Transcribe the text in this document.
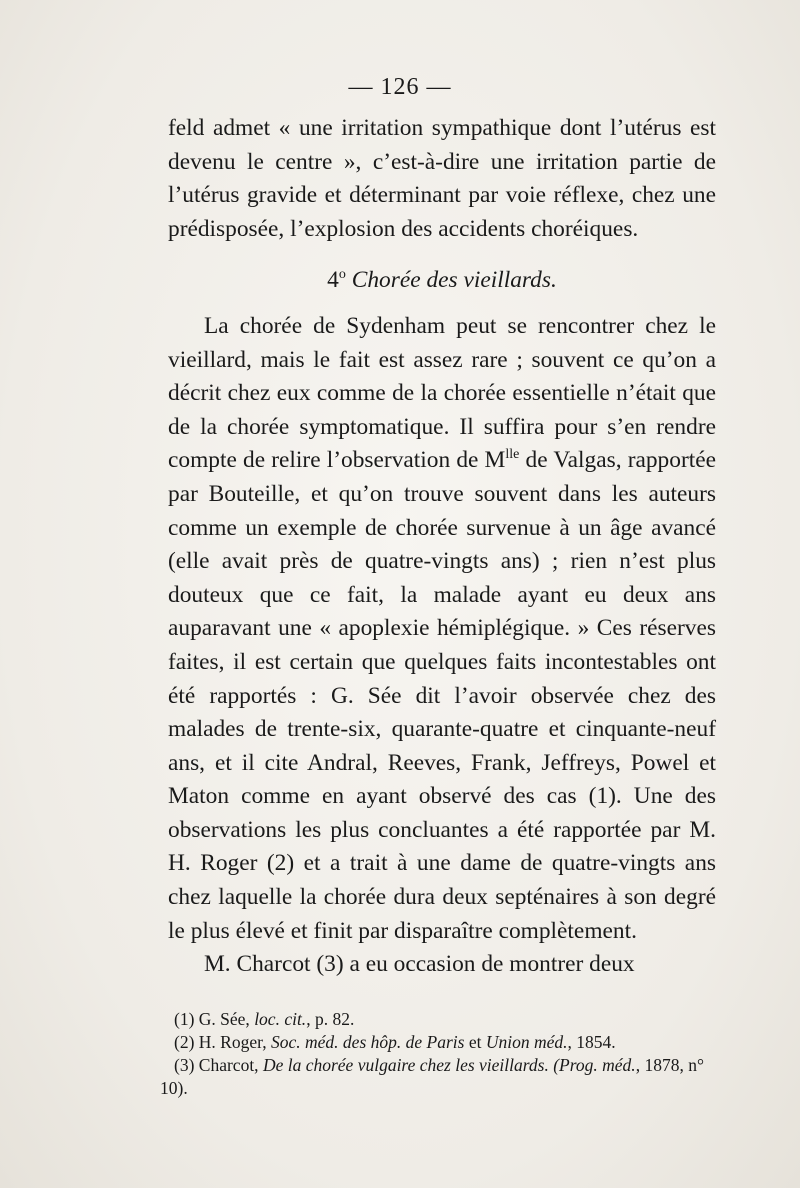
— 126 —

feld admet « une irritation sympathique dont l’utérus est devenu le centre », c’est-à-dire une irritation partie de l’utérus gravide et déterminant par voie réflexe, chez une prédisposée, l’explosion des accidents choréiques.

4$^o$ Chorée des vieillards.

La chorée de Sydenham peut se rencontrer chez le vieillard, mais le fait est assez rare ; souvent ce qu’on a décrit chez eux comme de la chorée essentielle n’était que de la chorée symptomatique. Il suffira pour s’en rendre compte de relire l’observation de $M^{lle}$ de Valgas, rapportée par Bouteille, et qu’on trouve souvent dans les auteurs comme un exemple de chorée survenue à un âge avancé (elle avait près de quatre-vingts ans) ; rien n’est plus douteux que ce fait, la malade ayant eu deux ans auparavant une « apoplexie hémiplégique. » Ces réserves faites, il est certain que quelques faits incontestables ont été rapportés : G. Sée dit l’avoir observée chez des malades de trente-six, quarante-quatre et cinquante-neuf ans, et il cite Andral, Reeves, Frank, Jeffreys, Powel et Maton comme en ayant observé des cas (1). Une des observations les plus concluantes a été rapportée par M. H. Roger (2) et a trait à une dame de quatre-vingts ans chez laquelle la chorée dura deux septénaires à son degré le plus élevé et finit par disparaître complètement.

M. Charcot (3) a eu occasion de montrer deux

(1) G. Sée, loc. cit., p. 82.

(2) H. Roger, Soc. méd. des hôp. de Paris et Union méd., 1854.

(3) Charcot, De la chorée vulgaire chez les vieillards. (Prog. méd., 1878, n° 10).
